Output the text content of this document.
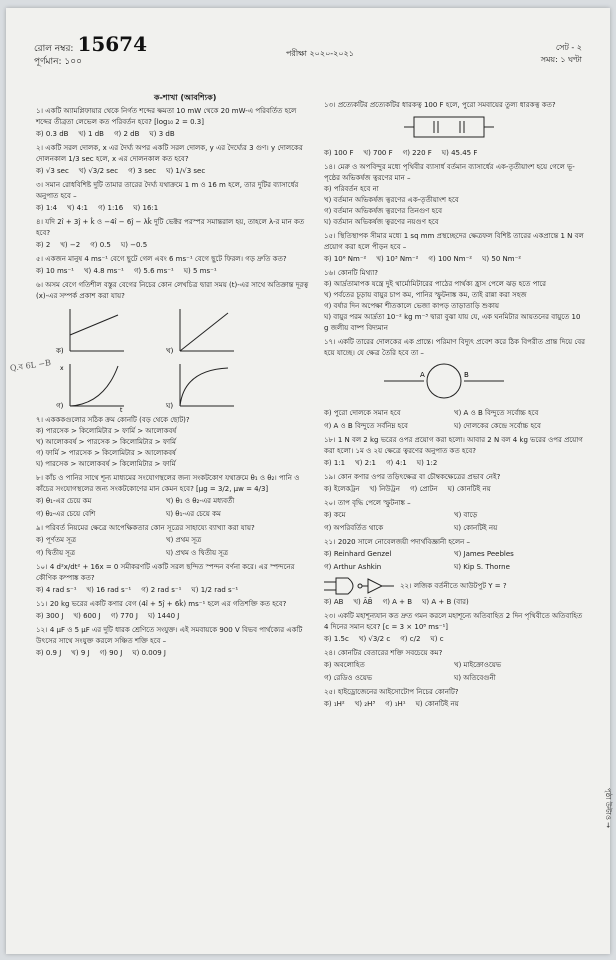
রোল নম্বর: 15674
পূর্ণমান: ১০০
পরীক্ষা ২০২০-২০২১
সেট - ২
সময়: ১ ঘণ্টা
ক-শাখা (আবশ্যিক)
Q.ব 6L −B
১। একটি অ্যামপ্লিফায়ার থেকে নির্গত শব্দের ক্ষমতা 10 mW থেকে 20 mW-এ পরিবর্তিত হলে শব্দের তীব্রতা লেভেল কত পরিবর্তন হবে? [log₁₀ 2 = 0.3]
ক) 0.3 dB খ) 1 dB গ) 2 dB ঘ) 3 dB
২। একটি সরল দোলক, x এর দৈর্ঘ্য অপর একটি সরল দোলক, y এর দৈর্ঘ্যের 3 গুণ। y দোলকের দোলনকাল 1/3 sec হলে, x এর দোলনকাল কত হবে?
ক) √3 sec খ) √3/2 sec গ) 3 sec ঘ) 1/√3 sec
৩। সমান রোধবিশিষ্ট দুটি তামার তারের দৈর্ঘ্য যথাক্রমে 1 m ও 16 m হলে, তার দুটির ব্যাসার্ধের অনুপাত হবে –
ক) 1:4 খ) 4:1 গ) 1:16 ঘ) 16:1
৪। যদি 2î + 3ĵ + k̂ ও −4î − 6ĵ − λk̂ দুটি ভেক্টর পরস্পর সমান্তরাল হয়, তাহলে λ-র মান কত হবে?
ক) 2 খ) −2 গ) 0.5 ঘ) −0.5
৫। একজন মানুষ 4 ms⁻¹ বেগে ছুটে গেল এবং 6 ms⁻¹ বেগে ছুটে ফিরল। গড় দ্রুতি কত?
ক) 10 ms⁻¹ খ) 4.8 ms⁻¹ গ) 5.6 ms⁻¹ ঘ) 5 ms⁻¹
৬। অসম বেগে গতিশীল বস্তুর বেগের নিচের কোন লেখচিত্র দ্বারা সময় (t)-এর সাথে অতিক্রান্ত দূরত্ব (x)-এর সম্পর্ক প্রকাশ করা যায়?
ক)	খ)
গ)
x
t
ঘ)
৭। একককগুলোর সঠিক ক্রম কোনটি (বড় থেকে ছোট)?
ক) পারসেক > কিলোমিটার > ফার্মি > আলোকবর্ষ
খ) আলোকবর্ষ > পারসেক > কিলোমিটার > ফার্মি
গ) ফার্মি > পারসেক > কিলোমিটার > আলোকবর্ষ
ঘ) পারসেক > আলোকবর্ষ > কিলোমিটার > ফার্মি
৮। কাঁচ ও পানির সাথে শূন্য মাধ্যমের সংযোগস্থলের জন্য সংকটকোণ যথাক্রমে θ₁ ও θ₂। পানি ও কাঁচের সংযোগস্থলের জন্য সংকটকোণের মান কেমন হবে? [μg = 3/2, μw = 4/3]
ক) θ₁-এর চেয়ে কম	খ) θ₁ ও θ₂-এর মধ্যবর্তী
গ) θ₂-এর চেয়ে বেশি	ঘ) θ₁-এর চেয়ে কম
৯। পরিবর্ত নিয়মের ক্ষেত্রে আপেক্ষিকতার কোন সূত্রের সাহায্যে ব্যাখ্যা করা যায়?
ক) পূর্ণতম সূত্র	খ) প্রথম সূত্র
গ) দ্বিতীয় সূত্র	ঘ) প্রথম ও দ্বিতীয় সূত্র
১০। 4 d²x/dt² + 16x = 0 সমীকরণটি একটি সরল ছন্দিত স্পন্দন বর্ণনা করে। এর স্পন্দনের কৌণিক কম্পাঙ্ক কত?
ক) 4 rad s⁻¹ খ) 16 rad s⁻¹ গ) 2 rad s⁻¹ ঘ) 1/2 rad s⁻¹
১১। 20 kg ভরের একটি কণার বেগ (4î + 5ĵ + 6k̂) ms⁻¹ হলে এর গতিশক্তি কত হবে?
ক) 300 J খ) 600 J গ) 770 J ঘ) 1440 J
১২। 4 μF ও 5 μF এর দুটি ধারক শ্রেণিতে সংযুক্ত। এই সমবায়কে 900 V বিভব পার্থক্যের একটি উৎসের সাথে সংযুক্ত করলে সঞ্চিত শক্তি হবে –
ক) 0.9 J খ) 9 J গ) 90 J ঘ) 0.009 J
১৩। প্রত্যেকটির প্রত্যেকটির ধারকত্ব 100 F হলে, পুরো সমবায়ের তুল্য ধারকত্ব কত?
ক) 100 F খ) 700 F গ) 220 F ঘ) 45.45 F
১৪। মেরু ও অপবিন্দুর মধ্যে পৃথিবীর ব্যাসার্ধ বর্তমান ব্যাসার্ধের এক-তৃতীয়াংশ হয়ে গেলে ভূ-পৃষ্ঠের অভিকর্ষজ ত্বরণের মান –
ক) পরিবর্তন হবে না
খ) বর্তমান অভিকর্ষজ ত্বরণের এক-তৃতীয়াংশ হবে
গ) বর্তমান অভিকর্ষজ ত্বরণের তিনগুণ হবে
ঘ) বর্তমান অভিকর্ষজ ত্বরণের নয়গুণ হবে
১৫। স্থিতিস্থাপক সীমার মধ্যে 1 sq mm প্রস্থচ্ছেদের ক্ষেত্রফল বিশিষ্ট তারের একপ্রান্তে 1 N বল প্রয়োগ করা হলে পীড়ন হবে –
ক) 10⁶ Nm⁻² খ) 10³ Nm⁻² গ) 100 Nm⁻² ঘ) 50 Nm⁻²
১৬। কোনটি মিথ্যা?
ক) আর্দ্রতামাপক যন্ত্রে দুই থার্মোমিটারের পাঠের পার্থক্য হ্রাস পেলে ঝড় হতে পারে
খ) পর্বতের চূড়ায় বায়ুর চাপ কম, পানির স্ফুটনাঙ্ক কম, তাই রান্না করা সহজ
গ) বর্ষার দিন অপেক্ষা শীতকালে ভেজা কাপড় তাড়াতাড়ি শুকায়
ঘ) বায়ুর পরম আর্দ্রতা 10⁻² kg m⁻³ দ্বারা বুঝা যায় যে, এক ঘনমিটার আয়তনের বায়ুতে 10 g জলীয় বাষ্প বিদ্যমান
১৭। একটি তারের দোলকের এক প্রান্তে। পরিমাণ বিদ্যুৎ প্রবেশ করে ঠিক বিপরীত প্রান্ত দিয়ে বের হয়ে যাচ্ছে। যে ক্ষেত্র তৈরি হবে তা –
A	B
ক) পুরো দোলকে সমান হবে	খ) A ও B বিন্দুতে সর্বোচ্চ হবে
গ) A ও B বিন্দুতে সর্বনিম্ন হবে	ঘ) দোলকের কেন্দ্রে সর্বোচ্চ হবে
১৮। 1 N বল 2 kg ভরের ওপর প্রয়োগ করা হলো। আবার 2 N বল 4 kg ভরের ওপর প্রয়োগ করা হলো। ১ম ও ২য় ক্ষেত্রে ত্বরণের অনুপাত কত হবে?
ক) 1:1 খ) 2:1 গ) 4:1 ঘ) 1:2
১৯। কোন কণার ওপর তড়িৎক্ষেত্র বা চৌম্বকক্ষেত্রের প্রভাব নেই?
ক) ইলেকট্রন খ) নিউট্রন গ) প্রোটন ঘ) কোনটিই নয়
২০। তাপ বৃদ্ধি পেলে স্ফুটনাঙ্ক –
ক) কমে	খ) বাড়ে
গ) অপরিবর্তিত থাকে	ঘ) কোনটিই নয়
২১। 2020 সালে নোবেলজয়ী পদার্থবিজ্ঞানী হলেন –
ক) Reinhard Genzel	খ) James Peebles
গ) Arthur Ashkin	ঘ) Kip S. Thorne
২২। লজিক বর্তনীতে আউটপুট Y = ?
ক) AB খ) ĀB̄ গ) A + B ঘ) A + B (বার)
২৩। একটি মহাশূন্যযান কত দ্রুত গমন করলে মহাশূন্যে অতিবাহিত 2 দিন পৃথিবীতে অতিবাহিত 4 দিনের সমান হবে? [c = 3 × 10⁸ ms⁻¹]
ক) 1.5c খ) √3/2 c গ) c/2 ঘ) c
২৪। কোনটির বেতারের শক্তি সবচেয়ে কম?
ক) অবলোহিত	খ) মাইক্রোওয়েভ
গ) রেডিও ওয়েভ	ঘ) অতিবেগুনী
২৫। হাইড্রোজেনের আইসোটোপ নিচের কোনটি?
ক) ₁H² খ) ₂H³ গ) ₁H¹ ঘ) কোনটিই নয়
পৃষ্ঠা উল্টাও →
